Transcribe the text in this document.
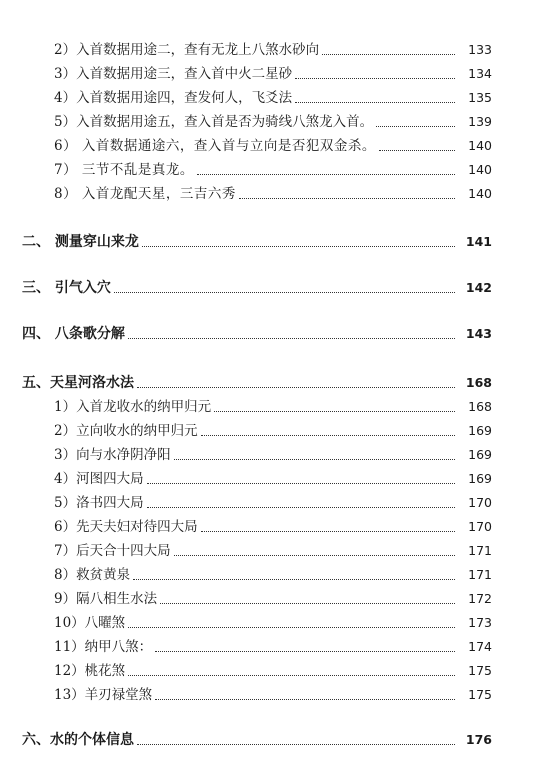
2）入首数据用途二，查有无龙上八煞水砂向	133
3）入首数据用途三，查入首中火二星砂	134
4）入首数据用途四，查发何人，飞爻法	135
5）入首数据用途五，查入首是否为骑线八煞龙入首。	139
6） 入首数据通途六，查入首与立向是否犯双金杀。	140
7） 三节不乱是真龙。	140
8） 入首龙配天星，三吉六秀	140
二、 测量穿山来龙	141
三、 引气入穴	142
四、 八条歌分解	143
五、天星河洛水法	168
1）入首龙收水的纳甲归元	168
2）立向收水的纳甲归元	169
3）向与水净阴净阳	169
4）河图四大局	169
5）洛书四大局	170
6）先天夫妇对待四大局	170
7）后天合十四大局	171
8）救贫黄泉	171
9）隔八相生水法	172
10）八曜煞	173
11）纳甲八煞：	174
12）桃花煞	175
13）羊刃禄堂煞	175
六、水的个体信息	176
